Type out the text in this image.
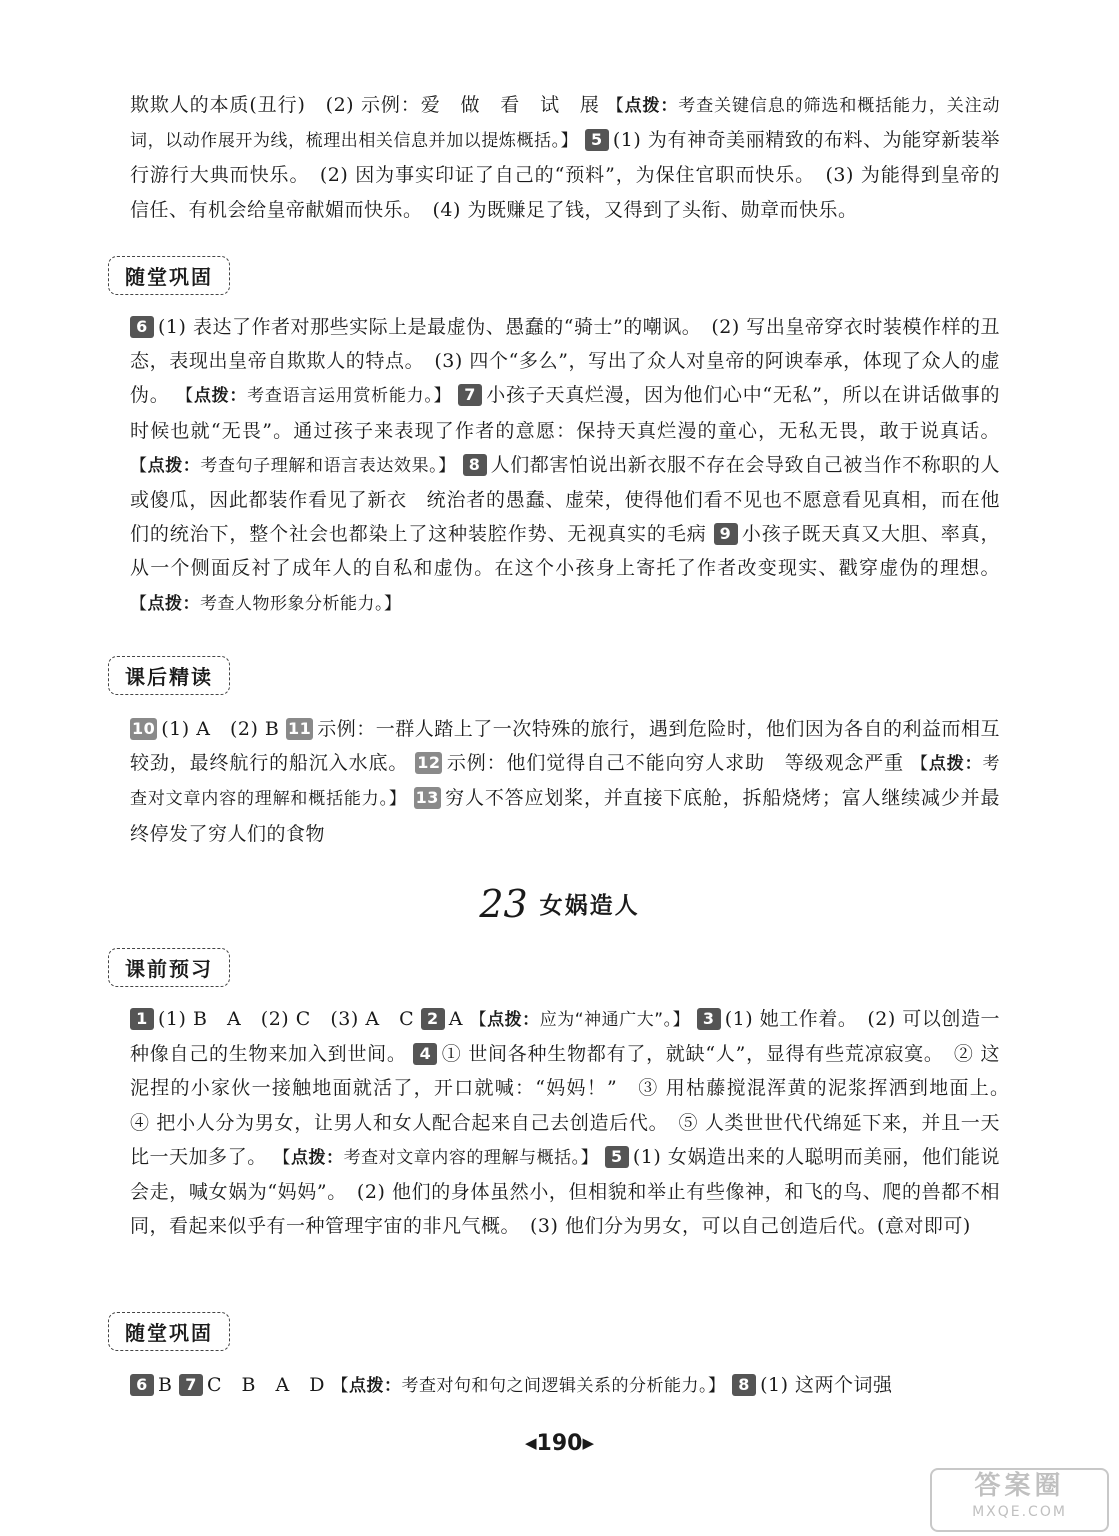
欺欺人的本质(丑行)　(2) 示例：爱　做　看　试　展 【点拨：考查关键信息的筛选和概括能力，关注动词，以动作展开为线，梳理出相关信息并加以提炼概括。】 5 (1) 为有神奇美丽精致的布料、为能穿新装举行游行大典而快乐。　(2) 因为事实印证了自己的“预料”，为保住官职而快乐。　(3) 为能得到皇帝的信任、有机会给皇帝献媚而快乐。　(4) 为既赚足了钱，又得到了头衔、勋章而快乐。
随堂巩固
6 (1) 表达了作者对那些实际上是最虚伪、愚蠢的“骑士”的嘲讽。　(2) 写出皇帝穿衣时装模作样的丑态，表现出皇帝自欺欺人的特点。　(3) 四个“多么”，写出了众人对皇帝的阿谀奉承，体现了众人的虚伪。 【点拨：考查语言运用赏析能力。】 7 小孩子天真烂漫，因为他们心中“无私”，所以在讲话做事的时候也就“无畏”。通过孩子来表现了作者的意愿：保持天真烂漫的童心，无私无畏，敢于说真话。 【点拨：考查句子理解和语言表达效果。】 8 人们都害怕说出新衣服不存在会导致自己被当作不称职的人或傻瓜，因此都装作看见了新衣　统治者的愚蠢、虚荣，使得他们看不见也不愿意看见真相，而在他们的统治下，整个社会也都染上了这种装腔作势、无视真实的毛病 9 小孩子既天真又大胆、率真，从一个侧面反衬了成年人的自私和虚伪。在这个小孩身上寄托了作者改变现实、戳穿虚伪的理想。 【点拨：考查人物形象分析能力。】
课后精读
10 (1) A　(2) B 11 示例：一群人踏上了一次特殊的旅行，遇到危险时，他们因为各自的利益而相互较劲，最终航行的船沉入水底。 12 示例：他们觉得自己不能向穷人求助　等级观念严重 【点拨：考查对文章内容的理解和概括能力。】 13 穷人不答应划桨，并直接下底舱，拆船烧烤；富人继续减少并最终停发了穷人们的食物
23 女娲造人
课前预习
1 (1) B　A　(2) C　(3) A　C 2 A 【点拨：应为“神通广大”。】 3 (1) 她工作着。　(2) 可以创造一种像自己的生物来加入到世间。 4 ① 世间各种生物都有了，就缺“人”，显得有些荒凉寂寞。　② 这泥捏的小家伙一接触地面就活了，开口就喊：“妈妈！”　③ 用枯藤搅混浑黄的泥浆挥洒到地面上。　④ 把小人分为男女，让男人和女人配合起来自己去创造后代。　⑤ 人类世世代代绵延下来，并且一天比一天加多了。 【点拨：考查对文章内容的理解与概括。】 5 (1) 女娲造出来的人聪明而美丽，他们能说会走，喊女娲为“妈妈”。　(2) 他们的身体虽然小，但相貌和举止有些像神，和飞的鸟、爬的兽都不相同，看起来似乎有一种管理宇宙的非凡气概。　(3) 他们分为男女，可以自己创造后代。(意对即可)
随堂巩固
6 B 7 C　B　A　D 【点拨：考查对句和句之间逻辑关系的分析能力。】 8 (1) 这两个词强
◀190▶
答案圈
MXQE.COM
